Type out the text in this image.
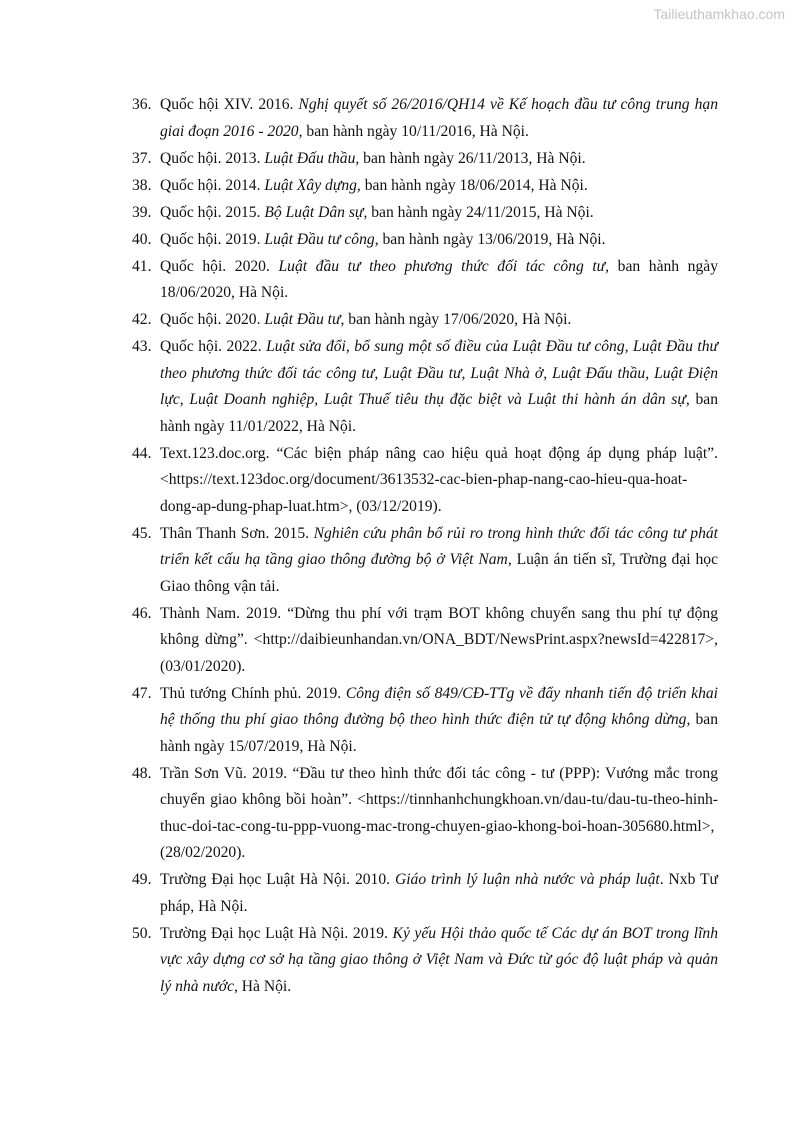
Tailieuthamkhao.com
36. Quốc hội XIV. 2016. Nghị quyết số 26/2016/QH14 về Kế hoạch đầu tư công trung hạn giai đoạn 2016 - 2020, ban hành ngày 10/11/2016, Hà Nội.
37. Quốc hội. 2013. Luật Đấu thầu, ban hành ngày 26/11/2013, Hà Nội.
38. Quốc hội. 2014. Luật Xây dựng, ban hành ngày 18/06/2014, Hà Nội.
39. Quốc hội. 2015. Bộ Luật Dân sự, ban hành ngày 24/11/2015, Hà Nội.
40. Quốc hội. 2019. Luật Đầu tư công, ban hành ngày 13/06/2019, Hà Nội.
41. Quốc hội. 2020. Luật đầu tư theo phương thức đối tác công tư, ban hành ngày 18/06/2020, Hà Nội.
42. Quốc hội. 2020. Luật Đầu tư, ban hành ngày 17/06/2020, Hà Nội.
43. Quốc hội. 2022. Luật sửa đổi, bổ sung một số điều của Luật Đầu tư công, Luật Đầu thư theo phương thức đối tác công tư, Luật Đầu tư, Luật Nhà ở, Luật Đấu thầu, Luật Điện lực, Luật Doanh nghiệp, Luật Thuế tiêu thụ đặc biệt và Luật thi hành án dân sự, ban hành ngày 11/01/2022, Hà Nội.
44. Text.123.doc.org. “Các biện pháp nâng cao hiệu quả hoạt động áp dụng pháp luật”. <https://text.123doc.org/document/3613532-cac-bien-phap-nang-cao-hieu-qua-hoat-dong-ap-dung-phap-luat.htm>, (03/12/2019).
45. Thân Thanh Sơn. 2015. Nghiên cứu phân bổ rủi ro trong hình thức đối tác công tư phát triển kết cấu hạ tầng giao thông đường bộ ở Việt Nam, Luận án tiến sĩ, Trường đại học Giao thông vận tải.
46. Thành Nam. 2019. “Dừng thu phí với trạm BOT không chuyển sang thu phí tự động không dừng”. <http://daibieunhandan.vn/ONA_BDT/NewsPrint.aspx?newsId=422817>, (03/01/2020).
47. Thủ tướng Chính phủ. 2019. Công điện số 849/CĐ-TTg về đẩy nhanh tiến độ triển khai hệ thống thu phí giao thông đường bộ theo hình thức điện tử tự động không dừng, ban hành ngày 15/07/2019, Hà Nội.
48. Trần Sơn Vũ. 2019. “Đầu tư theo hình thức đối tác công - tư (PPP): Vướng mắc trong chuyển giao không bồi hoàn”. <https://tinnhanhchungkhoan.vn/dau-tu/dau-tu-theo-hinh-thuc-doi-tac-cong-tu-ppp-vuong-mac-trong-chuyen-giao-khong-boi-hoan-305680.html>, (28/02/2020).
49. Trường Đại học Luật Hà Nội. 2010. Giáo trình lý luận nhà nước và pháp luật. Nxb Tư pháp, Hà Nội.
50. Trường Đại học Luật Hà Nội. 2019. Kỷ yếu Hội thảo quốc tế Các dự án BOT trong lĩnh vực xây dựng cơ sở hạ tầng giao thông ở Việt Nam và Đức từ góc độ luật pháp và quản lý nhà nước, Hà Nội.
